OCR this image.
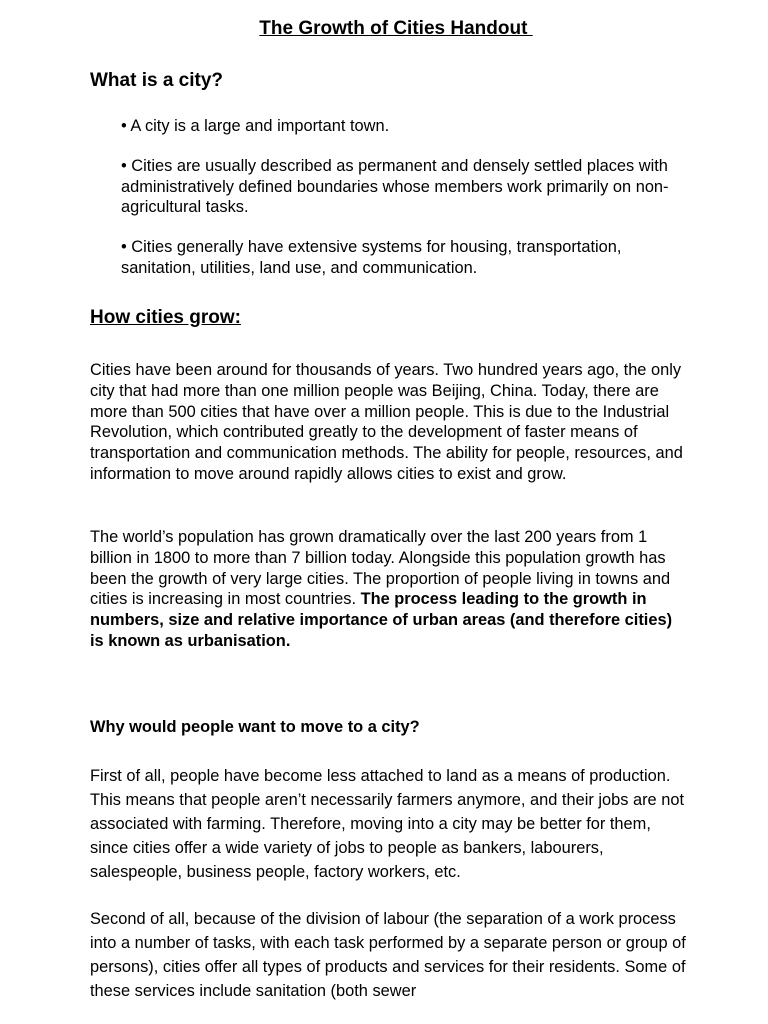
The Growth of Cities Handout
What is a city?
• A city is a large and important town.
• Cities are usually described as permanent and densely settled places with administratively defined boundaries whose members work primarily on non-agricultural tasks.
• Cities generally have extensive systems for housing, transportation, sanitation, utilities, land use, and communication.
How cities grow:
Cities have been around for thousands of years. Two hundred years ago, the only city that had more than one million people was Beijing, China. Today, there are more than 500 cities that have over a million people. This is due to the Industrial Revolution, which contributed greatly to the development of faster means of transportation and communication methods. The ability for people, resources, and information to move around rapidly allows cities to exist and grow.
The world’s population has grown dramatically over the last 200 years from 1 billion in 1800 to more than 7 billion today. Alongside this population growth has been the growth of very large cities. The proportion of people living in towns and cities is increasing in most countries. The process leading to the growth in numbers, size and relative importance of urban areas (and therefore cities) is known as urbanisation.
Why would people want to move to a city?
First of all, people have become less attached to land as a means of production. This means that people aren’t necessarily farmers anymore, and their jobs are not associated with farming. Therefore, moving into a city may be better for them, since cities offer a wide variety of jobs to people as bankers, labourers, salespeople, business people, factory workers, etc.
Second of all, because of the division of labour (the separation of a work process into a number of tasks, with each task performed by a separate person or group of persons), cities offer all types of products and services for their residents. Some of these services include sanitation (both sewer
